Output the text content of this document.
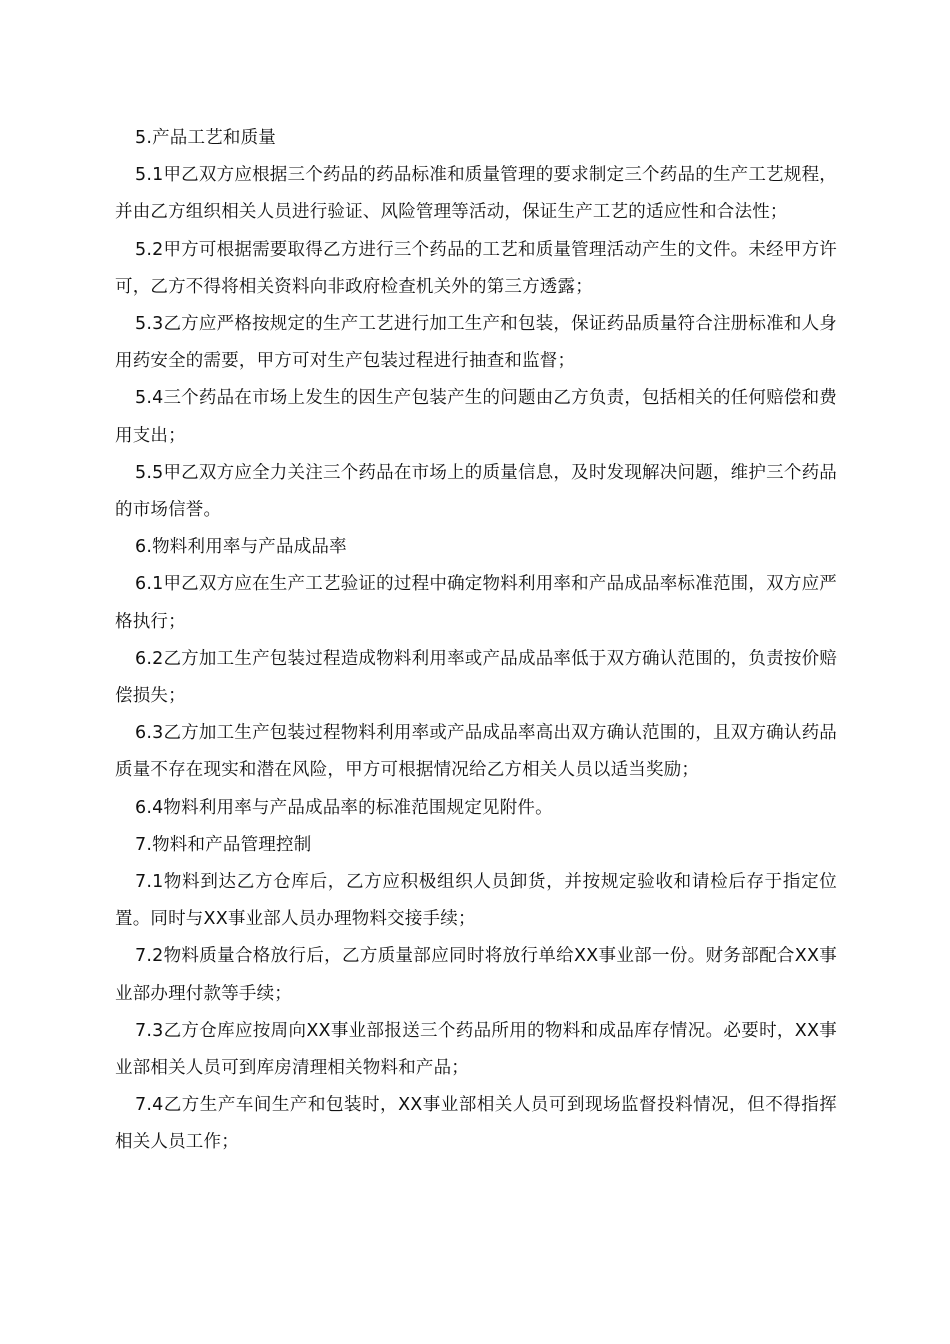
5.产品工艺和质量

5.1甲乙双方应根据三个药品的药品标准和质量管理的要求制定三个药品的生产工艺规程，并由乙方组织相关人员进行验证、风险管理等活动，保证生产工艺的适应性和合法性；

5.2甲方可根据需要取得乙方进行三个药品的工艺和质量管理活动产生的文件。未经甲方许可，乙方不得将相关资料向非政府检查机关外的第三方透露；

5.3乙方应严格按规定的生产工艺进行加工生产和包装，保证药品质量符合注册标准和人身用药安全的需要，甲方可对生产包装过程进行抽查和监督；

5.4三个药品在市场上发生的因生产包装产生的问题由乙方负责，包括相关的任何赔偿和费用支出；

5.5甲乙双方应全力关注三个药品在市场上的质量信息，及时发现解决问题，维护三个药品的市场信誉。

6.物料利用率与产品成品率

6.1甲乙双方应在生产工艺验证的过程中确定物料利用率和产品成品率标准范围，双方应严格执行；

6.2乙方加工生产包装过程造成物料利用率或产品成品率低于双方确认范围的，负责按价赔偿损失；

6.3乙方加工生产包装过程物料利用率或产品成品率高出双方确认范围的，且双方确认药品质量不存在现实和潜在风险，甲方可根据情况给乙方相关人员以适当奖励；

6.4物料利用率与产品成品率的标准范围规定见附件。

7.物料和产品管理控制

7.1物料到达乙方仓库后，乙方应积极组织人员卸货，并按规定验收和请检后存于指定位置。同时与XX事业部人员办理物料交接手续；

7.2物料质量合格放行后，乙方质量部应同时将放行单给XX事业部一份。财务部配合XX事业部办理付款等手续；

7.3乙方仓库应按周向XX事业部报送三个药品所用的物料和成品库存情况。必要时，XX事业部相关人员可到库房清理相关物料和产品；

7.4乙方生产车间生产和包装时，XX事业部相关人员可到现场监督投料情况，但不得指挥相关人员工作；
